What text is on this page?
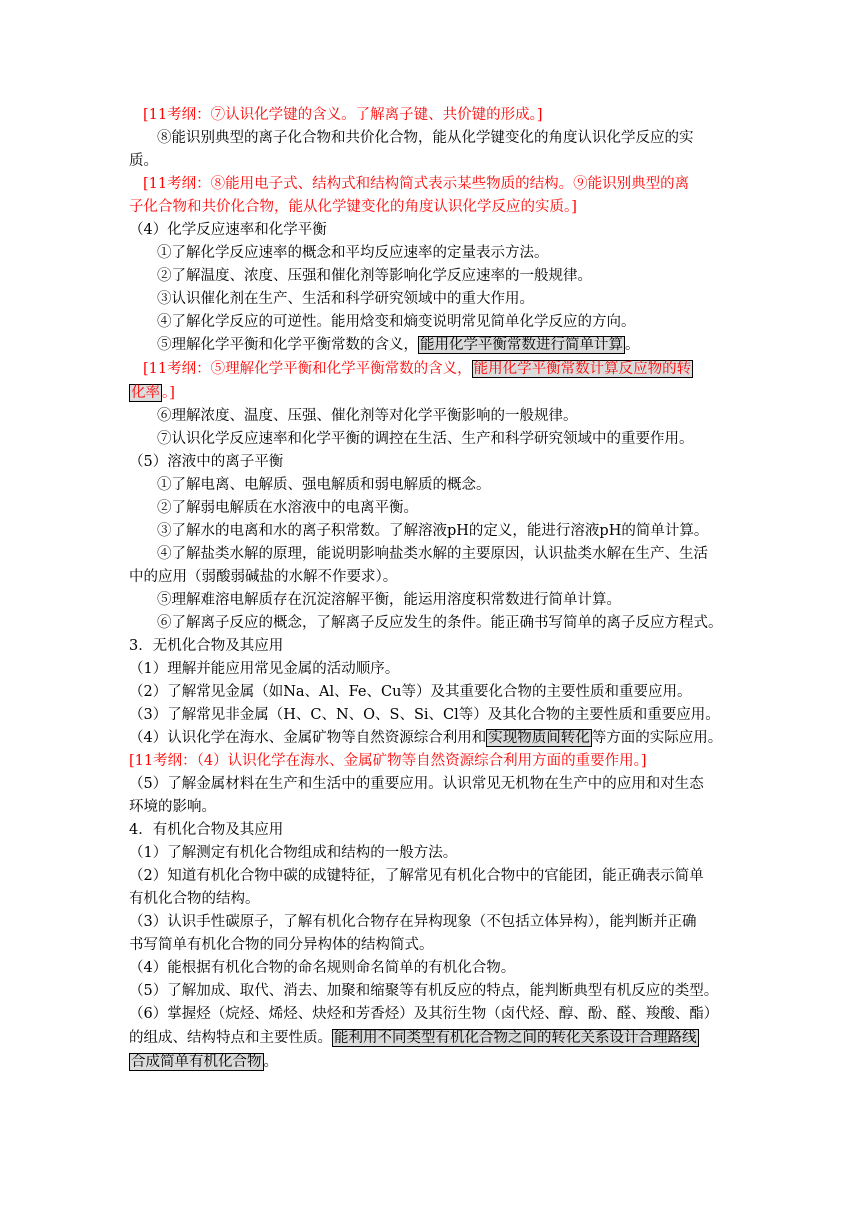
[11考纲：⑦认识化学键的含义。了解离子键、共价键的形成。]
⑧能识别典型的离子化合物和共价化合物，能从化学键变化的角度认识化学反应的实
质。
[11考纲：⑧能用电子式、结构式和结构简式表示某些物质的结构。⑨能识别典型的离
子化合物和共价化合物，能从化学键变化的角度认识化学反应的实质。]
（4）化学反应速率和化学平衡
①了解化学反应速率的概念和平均反应速率的定量表示方法。
②了解温度、浓度、压强和催化剂等影响化学反应速率的一般规律。
③认识催化剂在生产、生活和科学研究领域中的重大作用。
④了解化学反应的可逆性。能用焓变和熵变说明常见简单化学反应的方向。
⑤理解化学平衡和化学平衡常数的含义， 能用化学平衡常数进行简单计算 。
[11考纲：⑤理解化学平衡和化学平衡常数的含义， 能用化学平衡常数计算反应物的转
化率 。]
⑥理解浓度、温度、压强、催化剂等对化学平衡影响的一般规律。
⑦认识化学反应速率和化学平衡的调控在生活、生产和科学研究领域中的重要作用。
（5）溶液中的离子平衡
①了解电离、电解质、强电解质和弱电解质的概念。
②了解弱电解质在水溶液中的电离平衡。
③了解水的电离和水的离子积常数。了解溶液pH的定义，能进行溶液pH的简单计算。
④了解盐类水解的原理，能说明影响盐类水解的主要原因，认识盐类水解在生产、生活
中的应用（弱酸弱碱盐的水解不作要求）。
⑤理解难溶电解质存在沉淀溶解平衡，能运用溶度积常数进行简单计算。
⑥了解离子反应的概念，了解离子反应发生的条件。能正确书写简单的离子反应方程式。
3．无机化合物及其应用
（1）理解并能应用常见金属的活动顺序。
（2）了解常见金属（如Na、Al、Fe、Cu等）及其重要化合物的主要性质和重要应用。
（3）了解常见非金属（H、C、N、O、S、Si、Cl等）及其化合物的主要性质和重要应用。
（4）认识化学在海水、金属矿物等自然资源综合利用和 实现物质间转化 等方面的实际应用。
[11考纲：（4）认识化学在海水、金属矿物等自然资源综合利用方面的重要作用。]
（5）了解金属材料在生产和生活中的重要应用。认识常见无机物在生产中的应用和对生态
环境的影响。
4．有机化合物及其应用
（1）了解测定有机化合物组成和结构的一般方法。
（2）知道有机化合物中碳的成键特征，了解常见有机化合物中的官能团，能正确表示简单
有机化合物的结构。
（3）认识手性碳原子，了解有机化合物存在异构现象（不包括立体异构），能判断并正确
书写简单有机化合物的同分异构体的结构简式。
（4）能根据有机化合物的命名规则命名简单的有机化合物。
（5）了解加成、取代、消去、加聚和缩聚等有机反应的特点，能判断典型有机反应的类型。
（6）掌握烃（烷烃、烯烃、炔烃和芳香烃）及其衍生物（卤代烃、醇、酚、醛、羧酸、酯）
的组成、结构特点和主要性质。 能利用不同类型有机化合物之间的转化关系设计合理路线
合成简单有机化合物 。
